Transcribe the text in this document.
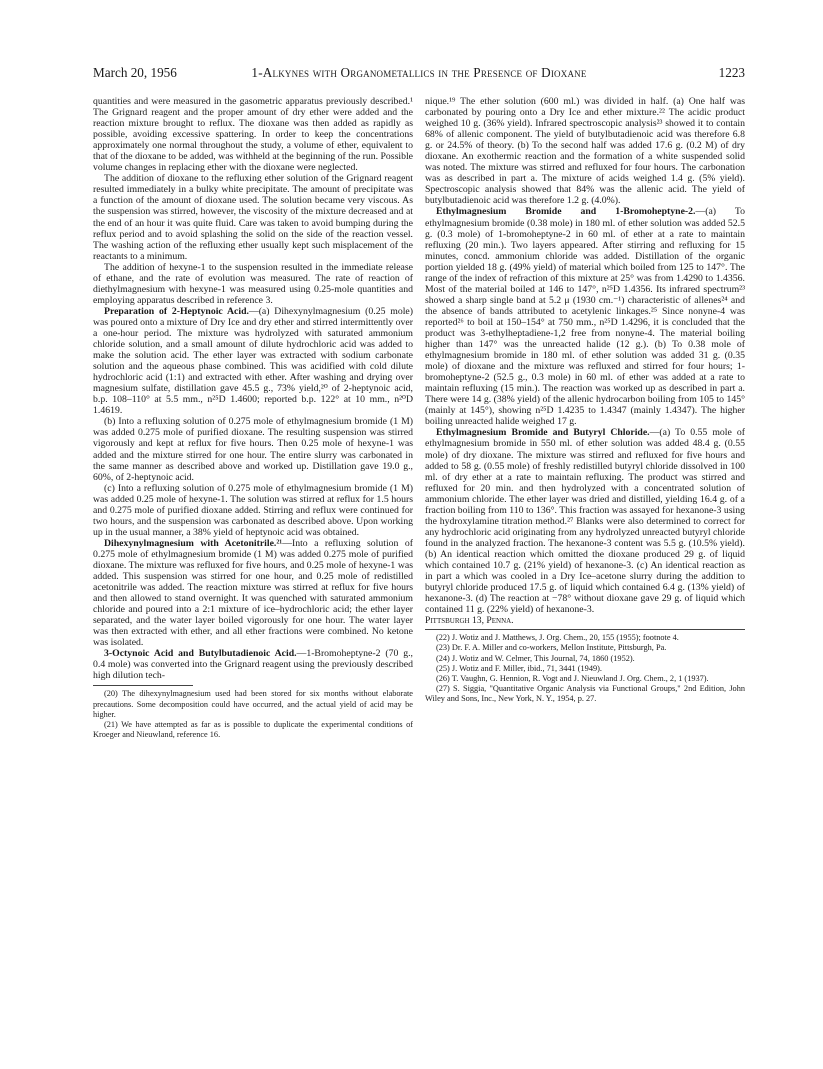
1-Alkynes with Organometallics in the Presence of Dioxane
March 20, 1956	1223

quantities and were measured in the gasometric apparatus previously described.¹ The Grignard reagent and the proper amount of dry ether were added and the reaction mixture brought to reflux. The dioxane was then added as rapidly as possible, avoiding excessive spattering. In order to keep the concentrations approximately one normal throughout the study, a volume of ether, equivalent to that of the dioxane to be added, was withheld at the beginning of the run. Possible volume changes in replacing ether with the dioxane were neglected.

The addition of dioxane to the refluxing ether solution of the Grignard reagent resulted immediately in a bulky white precipitate. The amount of precipitate was a function of the amount of dioxane used. The solution became very viscous. As the suspension was stirred, however, the viscosity of the mixture decreased and at the end of an hour it was quite fluid. Care was taken to avoid bumping during the reflux period and to avoid splashing the solid on the side of the reaction vessel. The washing action of the refluxing ether usually kept such misplacement of the reactants to a minimum.

The addition of hexyne-1 to the suspension resulted in the immediate release of ethane, and the rate of evolution was measured. The rate of reaction of diethylmagnesium with hexyne-1 was measured using 0.25-mole quantities and employing apparatus described in reference 3.

Preparation of 2-Heptynoic Acid.—(a) Dihexynylmagnesium (0.25 mole) was poured onto a mixture of Dry Ice and dry ether and stirred intermittently over a one-hour period. The mixture was hydrolyzed with saturated ammonium chloride solution, and a small amount of dilute hydrochloric acid was added to make the solution acid. The ether layer was extracted with sodium carbonate solution and the aqueous phase combined. This was acidified with cold dilute hydrochloric acid (1:1) and extracted with ether. After washing and drying over magnesium sulfate, distillation gave 45.5 g., 73% yield,²⁰ of 2-heptynoic acid, b.p. 108–110° at 5.5 mm., n²⁵D 1.4600; reported b.p. 122° at 10 mm., n²⁰D 1.4619.

(b) Into a refluxing solution of 0.275 mole of ethylmagnesium bromide (1 M) was added 0.275 mole of purified dioxane. The resulting suspension was stirred vigorously and kept at reflux for five hours. Then 0.25 mole of hexyne-1 was added and the mixture stirred for one hour. The entire slurry was carbonated in the same manner as described above and worked up. Distillation gave 19.0 g., 60%, of 2-heptynoic acid.

(c) Into a refluxing solution of 0.275 mole of ethylmagnesium bromide (1 M) was added 0.25 mole of hexyne-1. The solution was stirred at reflux for 1.5 hours and 0.275 mole of purified dioxane added. Stirring and reflux were continued for two hours, and the suspension was carbonated as described above. Upon working up in the usual manner, a 38% yield of heptynoic acid was obtained.

Dihexynylmagnesium with Acetonitrile.²¹—Into a refluxing solution of 0.275 mole of ethylmagnesium bromide (1 M) was added 0.275 mole of purified dioxane. The mixture was refluxed for five hours, and 0.25 mole of hexyne-1 was added. This suspension was stirred for one hour, and 0.25 mole of redistilled acetonitrile was added. The reaction mixture was stirred at reflux for five hours and then allowed to stand overnight. It was quenched with saturated ammonium chloride and poured into a 2:1 mixture of ice–hydrochloric acid; the ether layer separated, and the water layer boiled vigorously for one hour. The water layer was then extracted with ether, and all ether fractions were combined. No ketone was isolated.

3-Octynoic Acid and Butylbutadienoic Acid.—1-Bromoheptyne-2 (70 g., 0.4 mole) was converted into the Grignard reagent using the previously described high dilution tech-

(20) The dihexynylmagnesium used had been stored for six months without elaborate precautions. Some decomposition could have occurred, and the actual yield of acid may be higher.

(21) We have attempted as far as is possible to duplicate the experimental conditions of Kroeger and Nieuwland, reference 16.

nique.¹⁹ The ether solution (600 ml.) was divided in half. (a) One half was carbonated by pouring onto a Dry Ice and ether mixture.²² The acidic product weighed 10 g. (36% yield). Infrared spectroscopic analysis²³ showed it to contain 68% of allenic component. The yield of butylbutadienoic acid was therefore 6.8 g. or 24.5% of theory. (b) To the second half was added 17.6 g. (0.2 M) of dry dioxane. An exothermic reaction and the formation of a white suspended solid was noted. The mixture was stirred and refluxed for four hours. The carbonation was as described in part a. The mixture of acids weighed 1.4 g. (5% yield). Spectroscopic analysis showed that 84% was the allenic acid. The yield of butylbutadienoic acid was therefore 1.2 g. (4.0%).

Ethylmagnesium Bromide and 1-Bromoheptyne-2.—(a) To ethylmagnesium bromide (0.38 mole) in 180 ml. of ether solution was added 52.5 g. (0.3 mole) of 1-bromoheptyne-2 in 60 ml. of ether at a rate to maintain refluxing (20 min.). Two layers appeared. After stirring and refluxing for 15 minutes, concd. ammonium chloride was added. Distillation of the organic portion yielded 18 g. (49% yield) of material which boiled from 125 to 147°. The range of the index of refraction of this mixture at 25° was from 1.4290 to 1.4356. Most of the material boiled at 146 to 147°, n²⁵D 1.4356. Its infrared spectrum²³ showed a sharp single band at 5.2 μ (1930 cm.⁻¹) characteristic of allenes²⁴ and the absence of bands attributed to acetylenic linkages.²⁵ Since nonyne-4 was reported²⁶ to boil at 150–154° at 750 mm., n²⁵D 1.4296, it is concluded that the product was 3-ethylheptadiene-1,2 free from nonyne-4. The material boiling higher than 147° was the unreacted halide (12 g.). (b) To 0.38 mole of ethylmagnesium bromide in 180 ml. of ether solution was added 31 g. (0.35 mole) of dioxane and the mixture was refluxed and stirred for four hours; 1-bromoheptyne-2 (52.5 g., 0.3 mole) in 60 ml. of ether was added at a rate to maintain refluxing (15 min.). The reaction was worked up as described in part a. There were 14 g. (38% yield) of the allenic hydrocarbon boiling from 105 to 145° (mainly at 145°), showing n²⁵D 1.4235 to 1.4347 (mainly 1.4347). The higher boiling unreacted halide weighed 17 g.

Ethylmagnesium Bromide and Butyryl Chloride.—(a) To 0.55 mole of ethylmagnesium bromide in 550 ml. of ether solution was added 48.4 g. (0.55 mole) of dry dioxane. The mixture was stirred and refluxed for five hours and added to 58 g. (0.55 mole) of freshly redistilled butyryl chloride dissolved in 100 ml. of dry ether at a rate to maintain refluxing. The product was stirred and refluxed for 20 min. and then hydrolyzed with a concentrated solution of ammonium chloride. The ether layer was dried and distilled, yielding 16.4 g. of a fraction boiling from 110 to 136°. This fraction was assayed for hexanone-3 using the hydroxylamine titration method.²⁷ Blanks were also determined to correct for any hydrochloric acid originating from any hydrolyzed unreacted butyryl chloride found in the analyzed fraction. The hexanone-3 content was 5.5 g. (10.5% yield). (b) An identical reaction which omitted the dioxane produced 29 g. of liquid which contained 10.7 g. (21% yield) of hexanone-3. (c) An identical reaction as in part a which was cooled in a Dry Ice–acetone slurry during the addition to butyryl chloride produced 17.5 g. of liquid which contained 6.4 g. (13% yield) of hexanone-3. (d) The reaction at −78° without dioxane gave 29 g. of liquid which contained 11 g. (22% yield) of hexanone-3.

Pittsburgh 13, Penna.

(22) J. Wotiz and J. Matthews, J. Org. Chem., 20, 155 (1955); footnote 4.

(23) Dr. F. A. Miller and co-workers, Mellon Institute, Pittsburgh, Pa.

(24) J. Wotiz and W. Celmer, This Journal, 74, 1860 (1952).

(25) J. Wotiz and F. Miller, ibid., 71, 3441 (1949).

(26) T. Vaughn, G. Hennion, R. Vogt and J. Nieuwland J. Org. Chem., 2, 1 (1937).

(27) S. Siggia, "Quantitative Organic Analysis via Functional Groups," 2nd Edition, John Wiley and Sons, Inc., New York, N. Y., 1954, p. 27.
